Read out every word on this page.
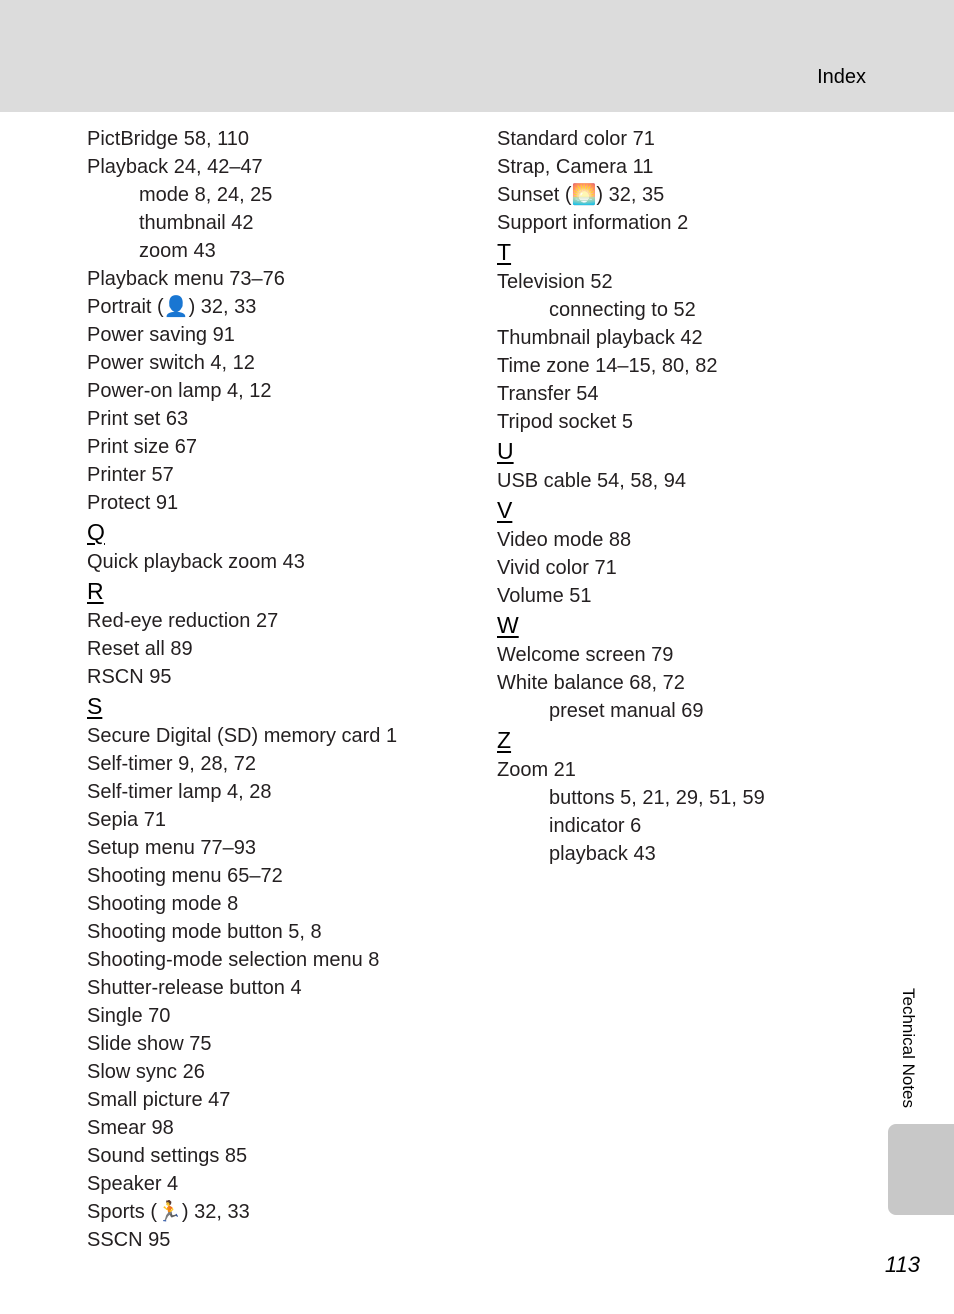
Index
PictBridge 58, 110
Playback 24, 42–47
mode 8, 24, 25
thumbnail 42
zoom 43
Playback menu 73–76
Portrait (👤) 32, 33
Power saving 91
Power switch 4, 12
Power-on lamp 4, 12
Print set 63
Print size 67
Printer 57
Protect 91
Q
Quick playback zoom 43
R
Red-eye reduction 27
Reset all 89
RSCN 95
S
Secure Digital (SD) memory card 1
Self-timer 9, 28, 72
Self-timer lamp 4, 28
Sepia 71
Setup menu 77–93
Shooting menu 65–72
Shooting mode 8
Shooting mode button 5, 8
Shooting-mode selection menu 8
Shutter-release button 4
Single 70
Slide show 75
Slow sync 26
Small picture 47
Smear 98
Sound settings 85
Speaker 4
Sports (🏃) 32, 33
SSCN 95
Standard color 71
Strap, Camera 11
Sunset (🌅) 32, 35
Support information 2
T
Television 52
connecting to 52
Thumbnail playback 42
Time zone 14–15, 80, 82
Transfer 54
Tripod socket 5
U
USB cable 54, 58, 94
V
Video mode 88
Vivid color 71
Volume 51
W
Welcome screen 79
White balance 68, 72
preset manual 69
Z
Zoom 21
buttons 5, 21, 29, 51, 59
indicator 6
playback 43
Technical Notes
113
